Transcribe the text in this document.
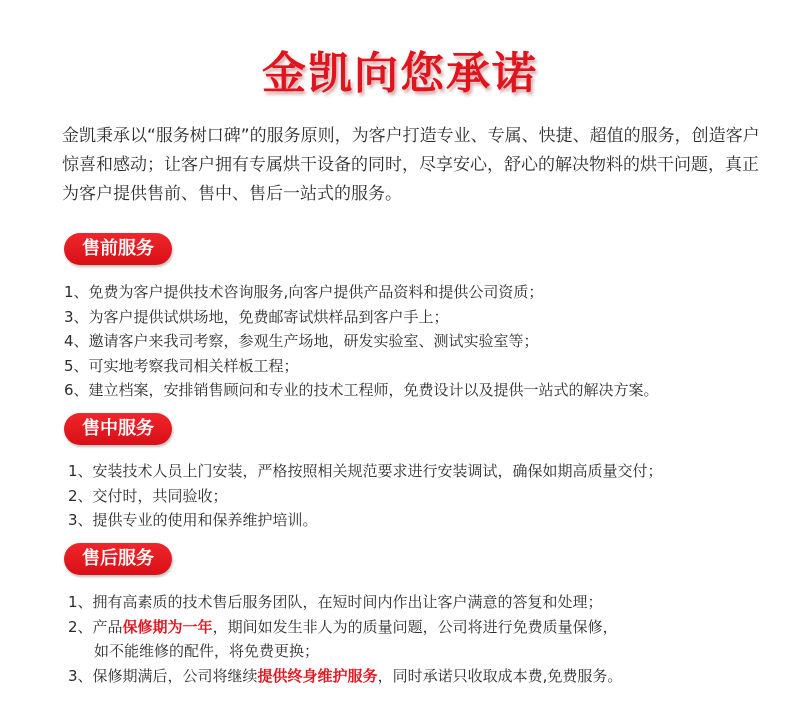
金凯向您承诺

金凯秉承以“服务树口碑”的服务原则，为客户打造专业、专属、快捷、超值的服务，创造客户惊喜和感动；让客户拥有专属烘干设备的同时，尽享安心，舒心的解决物料的烘干问题，真正为客户提供售前、售中、售后一站式的服务。

售前服务
1、免费为客户提供技术咨询服务,向客户提供产品资料和提供公司资质；
3、为客户提供试烘场地，免费邮寄试烘样品到客户手上；
4、邀请客户来我司考察，参观生产场地，研发实验室、测试实验室等；
5、可实地考察我司相关样板工程；
6、建立档案，安排销售顾问和专业的技术工程师，免费设计以及提供一站式的解决方案。
售中服务
1、安装技术人员上门安装，严格按照相关规范要求进行安装调试，确保如期高质量交付；
2、交付时，共同验收；
3、提供专业的使用和保养维护培训。
售后服务
1、拥有高素质的技术售后服务团队，在短时间内作出让客户满意的答复和处理；
2、产品保修期为一年，期间如发生非人为的质量问题，公司将进行免费质量保修，
如不能维修的配件，将免费更换；
3、保修期满后，公司将继续提供终身维护服务，同时承诺只收取成本费,免费服务。
